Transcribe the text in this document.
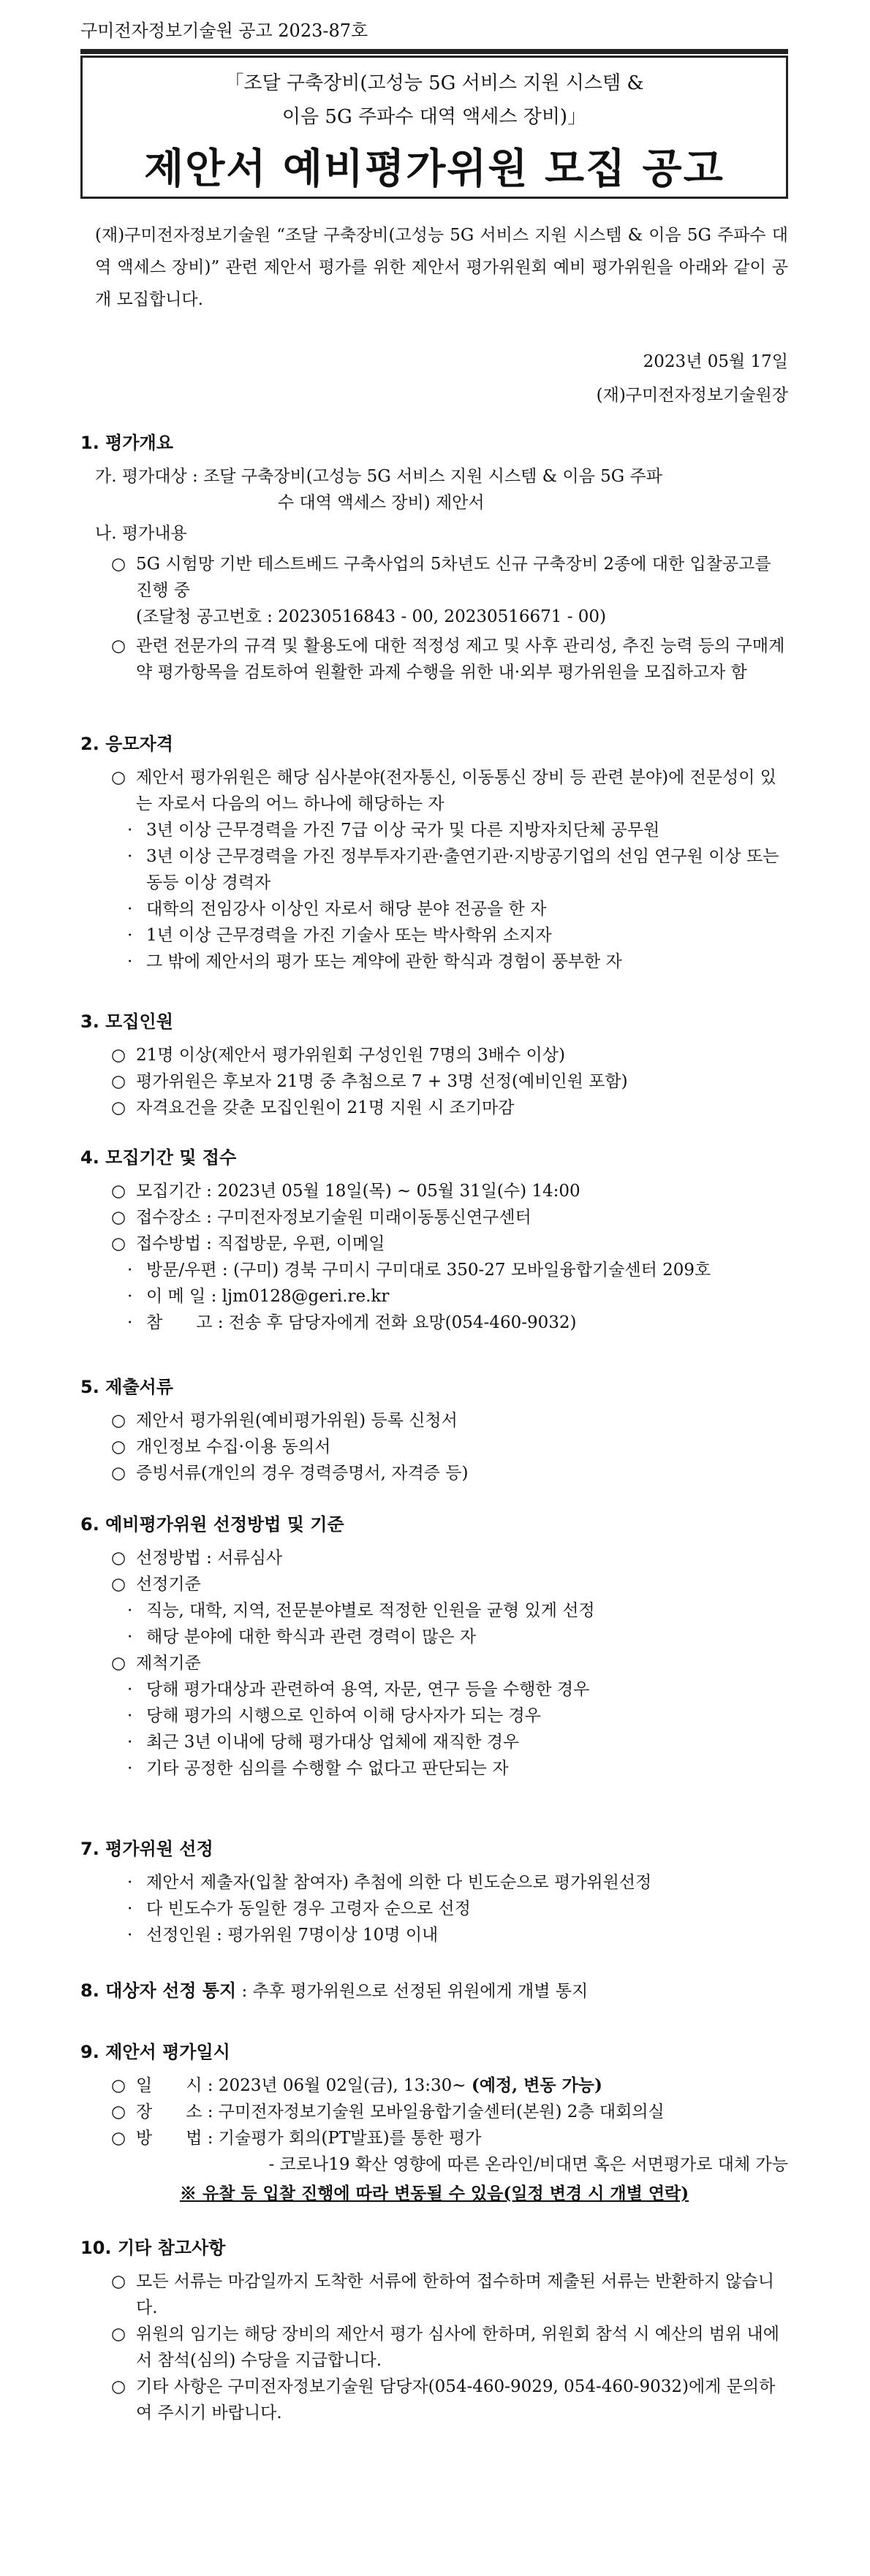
구미전자정보기술원 공고 2023-87호
「조달 구축장비(고성능 5G 서비스 지원 시스템 &
이음 5G 주파수 대역 액세스 장비)」
제안서 예비평가위원 모집 공고
(재)구미전자정보기술원 “조달 구축장비(고성능 5G 서비스 지원 시스템 & 이음 5G 주파수 대역 액세스 장비)” 관련 제안서 평가를 위한 제안서 평가위원회 예비 평가위원을 아래와 같이 공개 모집합니다.
2023년 05월 17일
(재)구미전자정보기술원장
1. 평가개요
가. 평가대상 : 조달 구축장비(고성능 5G 서비스 지원 시스템 & 이음 5G 주파
수 대역 액세스 장비) 제안서
나. 평가내용
○ 5G 시험망 기반 테스트베드 구축사업의 5차년도 신규 구축장비 2종에 대한 입찰공고를 진행 중
(조달청 공고번호 : 20230516843 - 00, 20230516671 - 00)
○ 관련 전문가의 규격 및 활용도에 대한 적정성 제고 및 사후 관리성, 추진 능력 등의 구매계약 평가항목을 검토하여 원활한 과제 수행을 위한 내·외부 평가위원을 모집하고자 함
2. 응모자격
○ 제안서 평가위원은 해당 심사분야(전자통신, 이동통신 장비 등 관련 분야)에 전문성이 있는 자로서 다음의 어느 하나에 해당하는 자
· 3년 이상 근무경력을 가진 7급 이상 국가 및 다른 지방자치단체 공무원
· 3년 이상 근무경력을 가진 정부투자기관·출연기관·지방공기업의 선임 연구원 이상 또는 동등 이상 경력자
· 대학의 전임강사 이상인 자로서 해당 분야 전공을 한 자
· 1년 이상 근무경력을 가진 기술사 또는 박사학위 소지자
· 그 밖에 제안서의 평가 또는 계약에 관한 학식과 경험이 풍부한 자
3. 모집인원
○ 21명 이상(제안서 평가위원회 구성인원 7명의 3배수 이상)
○ 평가위원은 후보자 21명 중 추첨으로 7 + 3명 선정(예비인원 포함)
○ 자격요건을 갖춘 모집인원이 21명 지원 시 조기마감
4. 모집기간 및 접수
○ 모집기간 : 2023년 05월 18일(목) ~ 05월 31일(수) 14:00
○ 접수장소 : 구미전자정보기술원 미래이동통신연구센터
○ 접수방법 : 직접방문, 우편, 이메일
· 방문/우편 : (구미) 경북 구미시 구미대로 350-27 모바일융합기술센터 209호
· 이 메 일 : ljm0128@geri.re.kr
· 참　　고 : 전송 후 담당자에게 전화 요망(054-460-9032)
5. 제출서류
○ 제안서 평가위원(예비평가위원) 등록 신청서
○ 개인정보 수집·이용 동의서
○ 증빙서류(개인의 경우 경력증명서, 자격증 등)
6. 예비평가위원 선정방법 및 기준
○ 선정방법 : 서류심사
○ 선정기준
· 직능, 대학, 지역, 전문분야별로 적정한 인원을 균형 있게 선정
· 해당 분야에 대한 학식과 관련 경력이 많은 자
○ 제척기준
· 당해 평가대상과 관련하여 용역, 자문, 연구 등을 수행한 경우
· 당해 평가의 시행으로 인하여 이해 당사자가 되는 경우
· 최근 3년 이내에 당해 평가대상 업체에 재직한 경우
· 기타 공정한 심의를 수행할 수 없다고 판단되는 자
7. 평가위원 선정
· 제안서 제출자(입찰 참여자) 추첨에 의한 다 빈도순으로 평가위원선정
· 다 빈도수가 동일한 경우 고령자 순으로 선정
· 선정인원 : 평가위원 7명이상 10명 이내
8. 대상자 선정 통지 : 추후 평가위원으로 선정된 위원에게 개별 통지
9. 제안서 평가일시
○ 일　　시 : 2023년 06월 02일(금), 13:30~ (예정, 변동 가능)
○ 장　　소 : 구미전자정보기술원 모바일융합기술센터(본원) 2층 대회의실
○ 방　　법 : 기술평가 회의(PT발표)를 통한 평가
- 코로나19 확산 영향에 따른 온라인/비대면 혹은 서면평가로 대체 가능
※ 유찰 등 입찰 진행에 따라 변동될 수 있음(일정 변경 시 개별 연락)
10. 기타 참고사항
○ 모든 서류는 마감일까지 도착한 서류에 한하여 접수하며 제출된 서류는 반환하지 않습니다.
○ 위원의 임기는 해당 장비의 제안서 평가 심사에 한하며, 위원회 참석 시 예산의 범위 내에서 참석(심의) 수당을 지급합니다.
○ 기타 사항은 구미전자정보기술원 담당자(054-460-9029, 054-460-9032)에게 문의하여 주시기 바랍니다.
